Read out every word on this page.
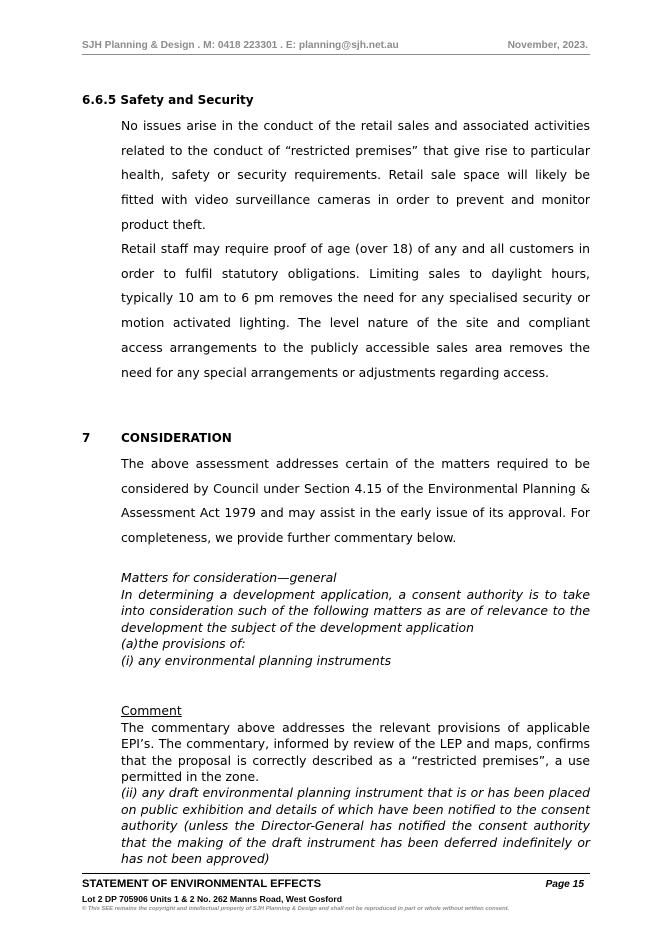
SJH Planning & Design . M: 0418 223301 . E: planning@sjh.net.au	November, 2023.
6.6.5 Safety and Security
No issues arise in the conduct of the retail sales and associated activities related to the conduct of “restricted premises” that give rise to particular health, safety or security requirements. Retail sale space will likely be fitted with video surveillance cameras in order to prevent and monitor product theft.
Retail staff may require proof of age (over 18) of any and all customers in order to fulfil statutory obligations. Limiting sales to daylight hours, typically 10 am to 6 pm removes the need for any specialised security or motion activated lighting. The level nature of the site and compliant access arrangements to the publicly accessible sales area removes the need for any special arrangements or adjustments regarding access.
7	CONSIDERATION
The above assessment addresses certain of the matters required to be considered by Council under Section 4.15 of the Environmental Planning & Assessment Act 1979 and may assist in the early issue of its approval. For completeness, we provide further commentary below.
Matters for consideration—general
In determining a development application, a consent authority is to take into consideration such of the following matters as are of relevance to the development the subject of the development application
(a)the provisions of:
(i) any environmental planning instruments
Comment
The commentary above addresses the relevant provisions of applicable EPI’s. The commentary, informed by review of the LEP and maps, confirms that the proposal is correctly described as a “restricted premises”, a use permitted in the zone.
(ii) any draft environmental planning instrument that is or has been placed on public exhibition and details of which have been notified to the consent authority (unless the Director-General has notified the consent authority that the making of the draft instrument has been deferred indefinitely or has not been approved)
STATEMENT OF ENVIRONMENTAL EFFECTS	Page 15
Lot 2 DP 705906 Units 1 & 2 No. 262 Manns Road, West Gosford
© This SEE remains the copyright and intellectual property of SJH Planning & Design and shall not be reproduced in part or whole without written consent.
